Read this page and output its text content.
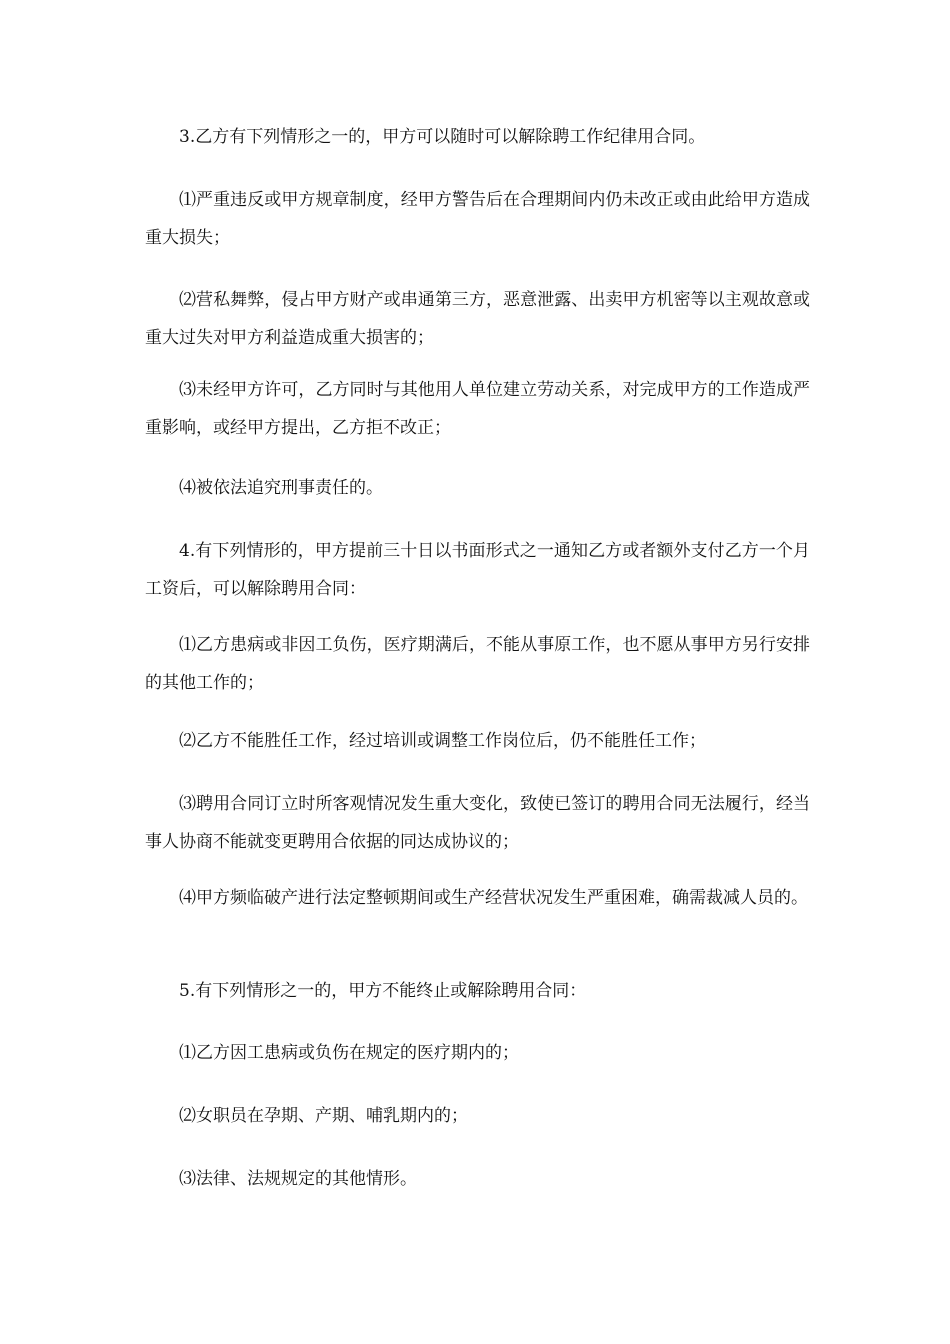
3.乙方有下列情形之一的，甲方可以随时可以解除聘工作纪律用合同。

⑴严重违反或甲方规章制度，经甲方警告后在合理期间内仍未改正或由此给甲方造成重大损失；

⑵营私舞弊，侵占甲方财产或串通第三方，恶意泄露、出卖甲方机密等以主观故意或重大过失对甲方利益造成重大损害的；

⑶未经甲方许可，乙方同时与其他用人单位建立劳动关系，对完成甲方的工作造成严重影响，或经甲方提出，乙方拒不改正；

⑷被依法追究刑事责任的。

4.有下列情形的，甲方提前三十日以书面形式之一通知乙方或者额外支付乙方一个月工资后，可以解除聘用合同：

⑴乙方患病或非因工负伤，医疗期满后，不能从事原工作，也不愿从事甲方另行安排的其他工作的；

⑵乙方不能胜任工作，经过培训或调整工作岗位后，仍不能胜任工作；

⑶聘用合同订立时所客观情况发生重大变化，致使已签订的聘用合同无法履行，经当事人协商不能就变更聘用合依据的同达成协议的；

⑷甲方频临破产进行法定整顿期间或生产经营状况发生严重困难，确需裁减人员的。

5.有下列情形之一的，甲方不能终止或解除聘用合同：

⑴乙方因工患病或负伤在规定的医疗期内的；

⑵女职员在孕期、产期、哺乳期内的；

⑶法律、法规规定的其他情形。
